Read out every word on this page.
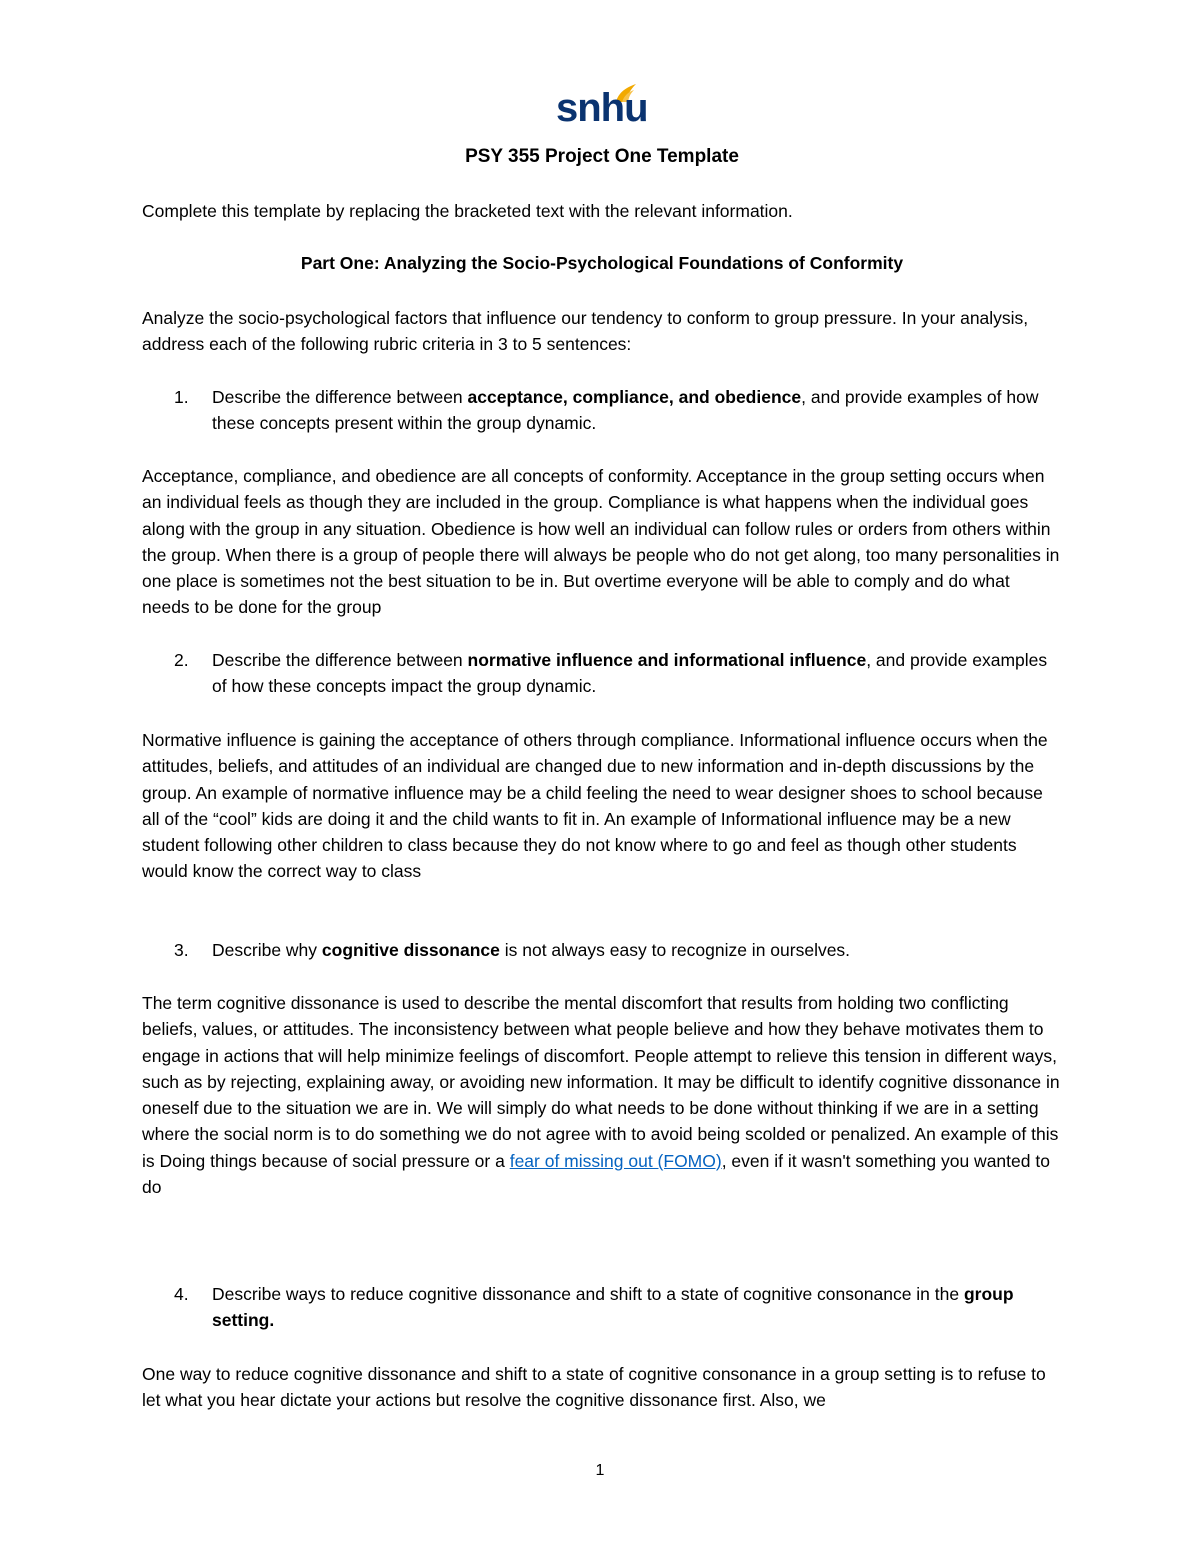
snhu
PSY 355 Project One Template

Complete this template by replacing the bracketed text with the relevant information.

Part One: Analyzing the Socio-Psychological Foundations of Conformity

Analyze the socio-psychological factors that influence our tendency to conform to group pressure. In your analysis, address each of the following rubric criteria in 3 to 5 sentences:

1. Describe the difference between acceptance, compliance, and obedience, and provide examples of how these concepts present within the group dynamic.

Acceptance, compliance, and obedience are all concepts of conformity. Acceptance in the group setting occurs when an individual feels as though they are included in the group. Compliance is what happens when the individual goes along with the group in any situation. Obedience is how well an individual can follow rules or orders from others within the group. When there is a group of people there will always be people who do not get along, too many personalities in one place is sometimes not the best situation to be in. But overtime everyone will be able to comply and do what needs to be done for the group

2. Describe the difference between normative influence and informational influence, and provide examples of how these concepts impact the group dynamic.

Normative influence is gaining the acceptance of others through compliance. Informational influence occurs when the attitudes, beliefs, and attitudes of an individual are changed due to new information and in-depth discussions by the group. An example of normative influence may be a child feeling the need to wear designer shoes to school because all of the “cool” kids are doing it and the child wants to fit in. An example of Informational influence may be a new student following other children to class because they do not know where to go and feel as though other students would know the correct way to class

3. Describe why cognitive dissonance is not always easy to recognize in ourselves.

The term cognitive dissonance is used to describe the mental discomfort that results from holding two conflicting beliefs, values, or attitudes. The inconsistency between what people believe and how they behave motivates them to engage in actions that will help minimize feelings of discomfort. People attempt to relieve this tension in different ways, such as by rejecting, explaining away, or avoiding new information. It may be difficult to identify cognitive dissonance in oneself due to the situation we are in. We will simply do what needs to be done without thinking if we are in a setting where the social norm is to do something we do not agree with to avoid being scolded or penalized. An example of this is Doing things because of social pressure or a fear of missing out (FOMO), even if it wasn't something you wanted to do

4. Describe ways to reduce cognitive dissonance and shift to a state of cognitive consonance in the group setting.

One way to reduce cognitive dissonance and shift to a state of cognitive consonance in a group setting is to refuse to let what you hear dictate your actions but resolve the cognitive dissonance first. Also, we

1
